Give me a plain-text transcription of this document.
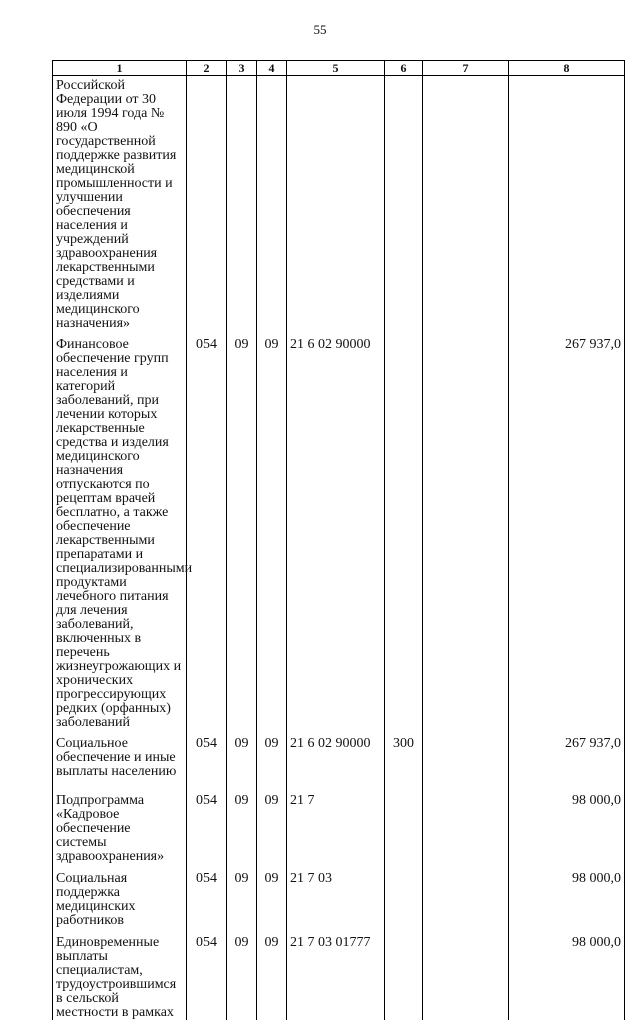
55
1	2	3	4	5	6	7	8
Российской Федерации от 30 июля 1994 года № 890 «О государственной поддержке развития медицинской промышленности и улучшении обеспечения населения и учреждений здравоохранения лекарственными средствами и изделиями медицинского назначения»							
Финансовое обеспечение групп населения и категорий заболеваний, при лечении которых лекарственные средства и изделия медицинского назначения отпускаются по рецептам врачей бесплатно, а также обеспечение лекарственными препаратами и специализированными продуктами лечебного питания для лечения заболеваний, включенных в перечень жизнеугрожающих и хронических прогрессирующих редких (орфанных) заболеваний	054	09	09	21 6 02 90000			267 937,0
Социальное обеспечение и иные выплаты населению	054	09	09	21 6 02 90000	300		267 937,0
Подпрограмма «Кадровое обеспечение системы здравоохранения»	054	09	09	21 7			98 000,0
Социальная поддержка медицинских работников	054	09	09	21 7 03			98 000,0
Единовременные выплаты специалистам, трудоустроившимся в сельской местности в рамках	054	09	09	21 7 03 01777			98 000,0
